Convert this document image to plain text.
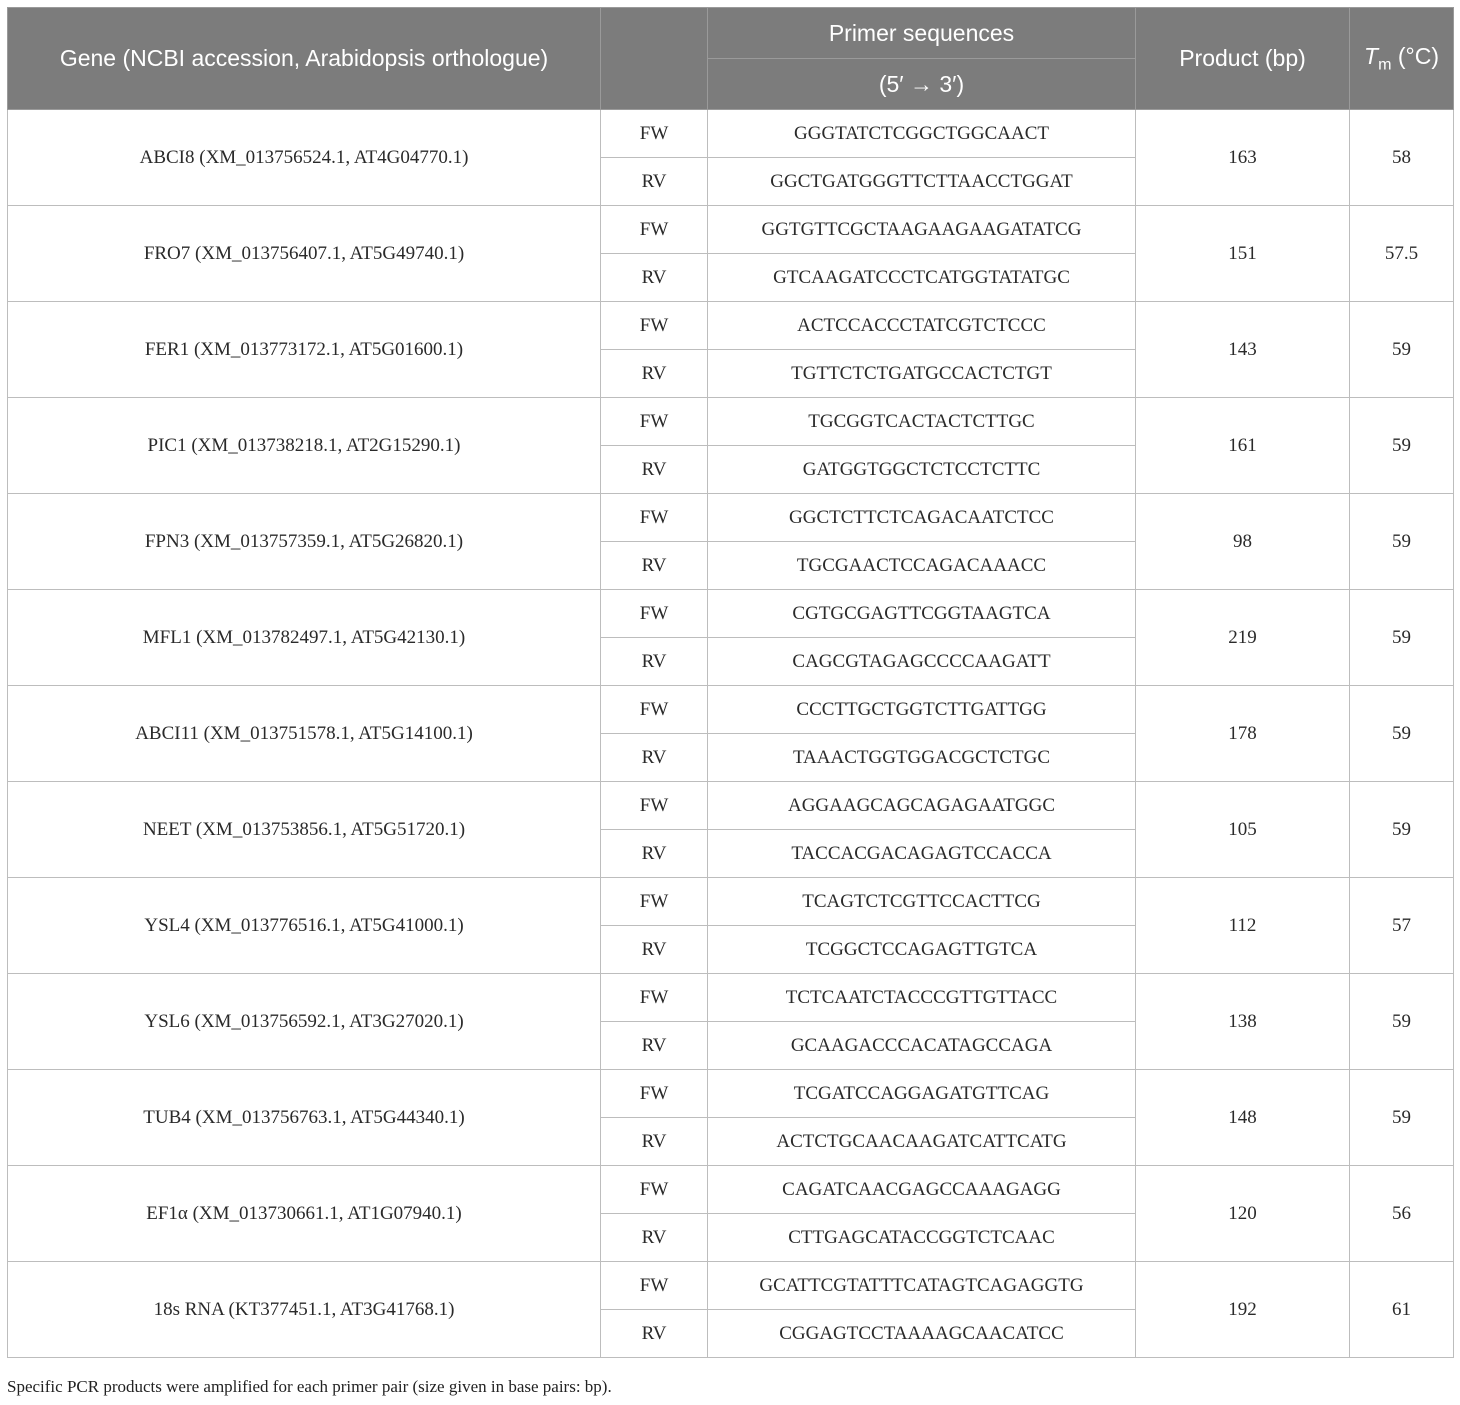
Gene (NCBI accession, Arabidopsis orthologue)		Primer sequences	Product (bp)	$T_m$ (°C)
		(5′ → 3′)		
ABCI8 (XM_013756524.1, AT4G04770.1)	FW	GGGTATCTCGGCTGGCAACT	163	58
	RV	GGCTGATGGGTTCTTAACCTGGAT		
FRO7 (XM_013756407.1, AT5G49740.1)	FW	GGTGTTCGCTAAGAAGAAGATATCG	151	57.5
	RV	GTCAAGATCCCTCATGGTATATGC		
FER1 (XM_013773172.1, AT5G01600.1)	FW	ACTCCACCCTATCGTCTCCC	143	59
	RV	TGTTCTCTGATGCCACTCTGT		
PIC1 (XM_013738218.1, AT2G15290.1)	FW	TGCGGTCACTACTCTTGC	161	59
	RV	GATGGTGGCTCTCCTCTTC		
FPN3 (XM_013757359.1, AT5G26820.1)	FW	GGCTCTTCTCAGACAATCTCC	98	59
	RV	TGCGAACTCCAGACAAACC		
MFL1 (XM_013782497.1, AT5G42130.1)	FW	CGTGCGAGTTCGGTAAGTCA	219	59
	RV	CAGCGTAGAGCCCCAAGATT		
ABCI11 (XM_013751578.1, AT5G14100.1)	FW	CCCTTGCTGGTCTTGATTGG	178	59
	RV	TAAACTGGTGGACGCTCTGC		
NEET (XM_013753856.1, AT5G51720.1)	FW	AGGAAGCAGCAGAGAATGGC	105	59
	RV	TACCACGACAGAGTCCACCA		
YSL4 (XM_013776516.1, AT5G41000.1)	FW	TCAGTCTCGTTCCACTTCG	112	57
	RV	TCGGCTCCAGAGTTGTCA		
YSL6 (XM_013756592.1, AT3G27020.1)	FW	TCTCAATCTACCCGTTGTTACC	138	59
	RV	GCAAGACCCACATAGCCAGA		
TUB4 (XM_013756763.1, AT5G44340.1)	FW	TCGATCCAGGAGATGTTCAG	148	59
	RV	ACTCTGCAACAAGATCATTCATG		
EF1α (XM_013730661.1, AT1G07940.1)	FW	CAGATCAACGAGCCAAAGAGG	120	56
	RV	CTTGAGCATACCGGTCTCAAC		
18s RNA (KT377451.1, AT3G41768.1)	FW	GCATTCGTATTTCATAGTCAGAGGTG	192	61
	RV	CGGAGTCCTAAAAGCAACATCC		
Specific PCR products were amplified for each primer pair (size given in base pairs: bp).
